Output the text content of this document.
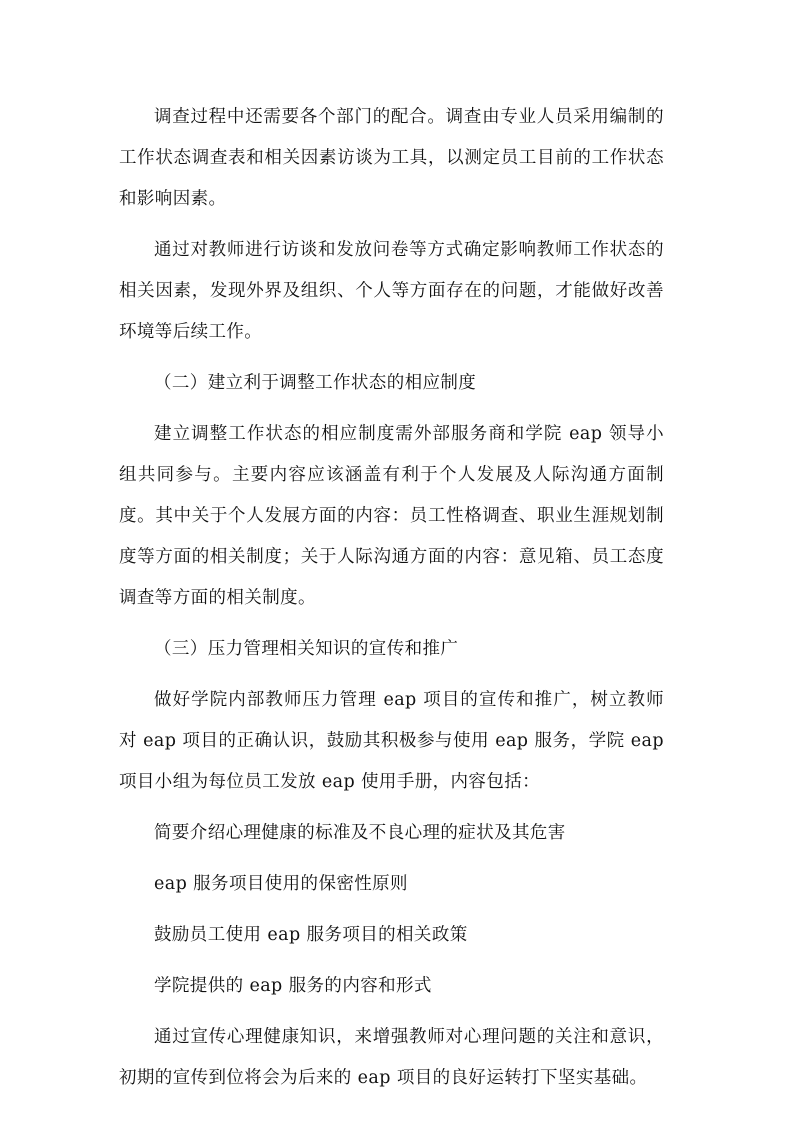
调查过程中还需要各个部门的配合。调查由专业人员采用编制的工作状态调查表和相关因素访谈为工具，以测定员工目前的工作状态和影响因素。

通过对教师进行访谈和发放问卷等方式确定影响教师工作状态的相关因素，发现外界及组织、个人等方面存在的问题，才能做好改善环境等后续工作。

（二）建立利于调整工作状态的相应制度

建立调整工作状态的相应制度需外部服务商和学院 eap 领导小组共同参与。主要内容应该涵盖有利于个人发展及人际沟通方面制度。其中关于个人发展方面的内容：员工性格调查、职业生涯规划制度等方面的相关制度；关于人际沟通方面的内容：意见箱、员工态度调查等方面的相关制度。

（三）压力管理相关知识的宣传和推广

做好学院内部教师压力管理 eap 项目的宣传和推广，树立教师对 eap 项目的正确认识，鼓励其积极参与使用 eap 服务，学院 eap 项目小组为每位员工发放 eap 使用手册，内容包括：

简要介绍心理健康的标准及不良心理的症状及其危害

eap 服务项目使用的保密性原则

鼓励员工使用 eap 服务项目的相关政策

学院提供的 eap 服务的内容和形式

通过宣传心理健康知识，来增强教师对心理问题的关注和意识，初期的宣传到位将会为后来的 eap 项目的良好运转打下坚实基础。
